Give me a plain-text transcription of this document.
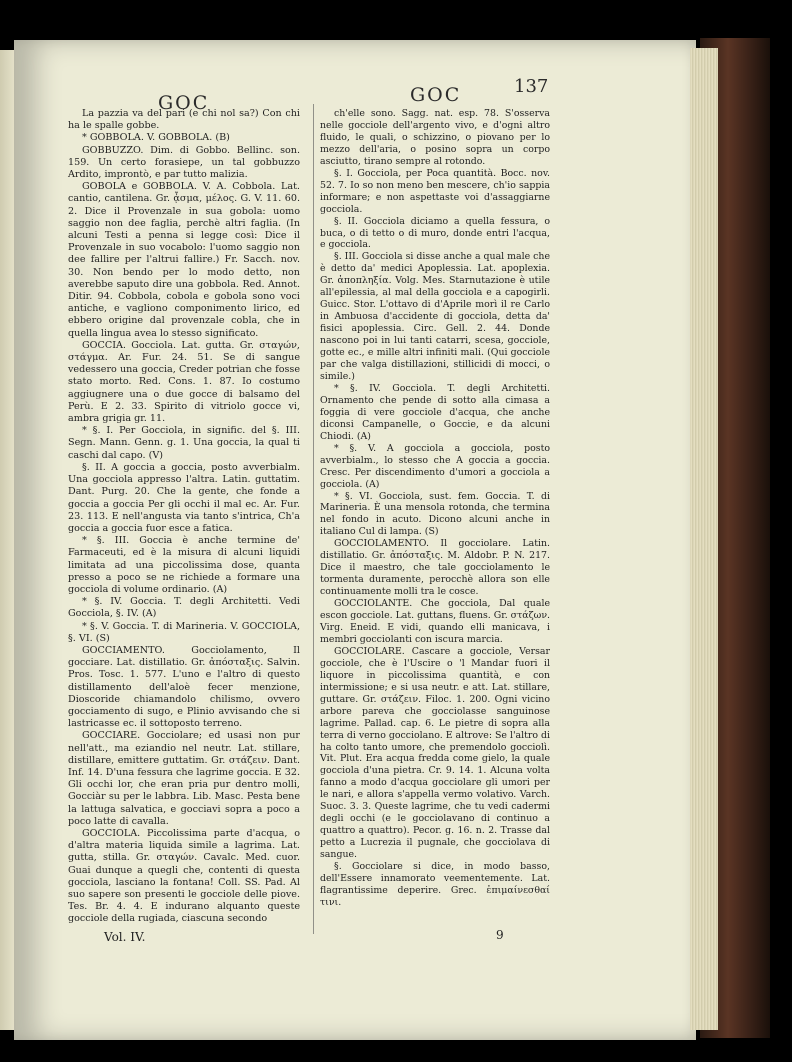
GOC	GOC	137

La pazzia va del pari (e chi nol sa?) Con chi ha le spalle gobbe.

* GOBBOLA. V. GOBBOLA. (B)

GOBBUZZO. Dim. di Gobbo. Bellinc. son. 159. Un certo forasiepe, un tal gobbuzzo Ardito, improntò, e par tutto malizia.

GOBOLA e GOBBOLA. V. A. Cobbola. Lat. cantio, cantilena. Gr. ᾆσμα, μέλος. G. V. 11. 60. 2. Dice il Provenzale in sua gobola: uomo saggio non dee faglia, perchè altri faglia. (In alcuni Testi a penna si legge così: Dice il Provenzale in suo vocabolo: l'uomo saggio non dee fallire per l'altrui fallire.) Fr. Sacch. nov. 30. Non bendo per lo modo detto, non averebbe saputo dire una gobbola. Red. Annot. Ditir. 94. Cobbola, cobola e gobola sono voci antiche, e vagliono componimento lirico, ed ebbero origine dal provenzale cobla, che in quella lingua avea lo stesso significato.

GOCCIA. Gocciola. Lat. gutta. Gr. σταγών, στάγμα. Ar. Fur. 24. 51. Se di sangue vedessero una goccia, Creder potrian che fosse stato morto. Red. Cons. 1. 87. Io costumo aggiugnere una o due gocce di balsamo del Perù. E 2. 33. Spirito di vitriolo gocce vi, ambra grigia gr. 11.

* §. I. Per Gocciola, in signific. del §. III. Segn. Mann. Genn. g. 1. Una goccia, la qual ti caschi dal capo. (V)

§. II. A goccia a goccia, posto avverbialm. Una gocciola appresso l'altra. Latin. guttatim. Dant. Purg. 20. Che la gente, che fonde a goccia a goccia Per gli occhi il mal ec. Ar. Fur. 23. 113. E nell'angusta via tanto s'intrica, Ch'a goccia a goccia fuor esce a fatica.

* §. III. Goccia è anche termine de' Farmaceuti, ed è la misura di alcuni liquidi limitata ad una piccolissima dose, quanta presso a poco se ne richiede a formare una gocciola di volume ordinario. (A)

* §. IV. Goccia. T. degli Architetti. Vedi Gocciola, §. IV. (A)

* §. V. Goccia. T. di Marineria. V. GOCCIOLA, §. VI. (S)

GOCCIAMENTO. Gocciolamento, Il gocciare. Lat. distillatio. Gr. ἀπόσταξις. Salvin. Pros. Tosc. 1. 577. L'uno e l'altro di questo distillamento dell'aloè fecer menzione, Dioscoride chiamandolo chilismo, ovvero gocciamento di sugo, e Plinio avvisando che si lastricasse ec. il sottoposto terreno.

GOCCIARE. Gocciolare; ed usasi non pur nell'att., ma eziandio nel neutr. Lat. stillare, distillare, emittere guttatim. Gr. στάζειν. Dant. Inf. 14. D'una fessura che lagrime goccia. E 32. Gli occhi lor, che eran pria pur dentro molli, Gocciàr su per le labbra. Lib. Masc. Pesta bene la lattuga salvatica, e gocciavi sopra a poco a poco latte di cavalla.

GOCCIOLA. Piccolissima parte d'acqua, o d'altra materia liquida simile a lagrima. Lat. gutta, stilla. Gr. σταγών. Cavalc. Med. cuor. Guai dunque a quegli che, contenti di questa gocciola, lasciano la fontana! Coll. SS. Pad. Al suo sapere son presenti le gocciole delle piove. Tes. Br. 4. 4. E indurano alquanto queste gocciole della rugiada, ciascuna secondo

ch'elle sono. Sagg. nat. esp. 78. S'osserva nelle gocciole dell'argento vivo, e d'ogni altro fluido, le quali, o schizzino, o piovano per lo mezzo dell'aria, o posino sopra un corpo asciutto, tirano sempre al rotondo.

§. I. Gocciola, per Poca quantità. Bocc. nov. 52. 7. Io so non meno ben mescere, ch'io sappia informare; e non aspettaste voi d'assaggiarne gocciola.

§. II. Gocciola diciamo a quella fessura, o buca, o di tetto o di muro, donde entri l'acqua, e gocciola.

§. III. Gocciola si disse anche a qual male che è detto da' medici Apoplessia. Lat. apoplexia. Gr. ἀποπληξία. Volg. Mes. Starnutazione è utile all'epilessia, al mal della gocciola e a capogirli. Guicc. Stor. L'ottavo di d'Aprile morì il re Carlo in Ambuosa d'accidente di gocciola, detta da' fisici apoplessia. Circ. Gell. 2. 44. Donde nascono poi in lui tanti catarri, scesa, gocciole, gotte ec., e mille altri infiniti mali. (Qui gocciole par che valga distillazioni, stillicidi di mocci, o simile.)

* §. IV. Gocciola. T. degli Architetti. Ornamento che pende di sotto alla cimasa a foggia di vere gocciole d'acqua, che anche diconsi Campanelle, o Goccie, e da alcuni Chiodi. (A)

* §. V. A gocciola a gocciola, posto avverbialm., lo stesso che A goccia a goccia. Cresc. Per discendimento d'umori a gocciola a gocciola. (A)

* §. VI. Gocciola, sust. fem. Goccia. T. di Marineria. È una mensola rotonda, che termina nel fondo in acuto. Dicono alcuni anche in italiano Cul di lampa. (S)

GOCCIOLAMENTO. Il gocciolare. Latin. distillatio. Gr. ἀπόσταξις. M. Aldobr. P. N. 217. Dice il maestro, che tale gocciolamento le tormenta duramente, perocchè allora son elle continuamente molli tra le cosce.

GOCCIOLANTE. Che gocciola, Dal quale escon gocciole. Lat. guttans, fluens. Gr. στάζων. Virg. Eneid. E vidi, quando elli manicava, i membri gocciolanti con iscura marcia.

GOCCIOLARE. Cascare a gocciole, Versar gocciole, che è l'Uscire o 'l Mandar fuori il liquore in piccolissima quantità, e con intermissione; e si usa neutr. e att. Lat. stillare, guttare. Gr. στάζειν. Filoc. 1. 200. Ogni vicino arbore pareva che gocciolasse sanguinose lagrime. Pallad. cap. 6. Le pietre di sopra alla terra di verno gocciolano. E altrove: Se l'altro di ha colto tanto umore, che premendolo gocciolì. Vit. Plut. Era acqua fredda come gielo, la quale gocciola d'una pietra. Cr. 9. 14. 1. Alcuna volta fanno a modo d'acqua gocciolare gli umori per le nari, e allora s'appella vermo volativo. Varch. Suoc. 3. 3. Queste lagrime, che tu vedi cadermi degli occhi (e le gocciolavano di continuo a quattro a quattro). Pecor. g. 16. n. 2. Trasse dal petto a Lucrezia il pugnale, che gocciolava di sangue.

§. Gocciolare si dice, in modo basso, dell'Essere innamorato veementemente. Lat. flagrantissime deperire. Grec. ἐπιμαίνεσθαί τινι.

Vol. IV.	9
